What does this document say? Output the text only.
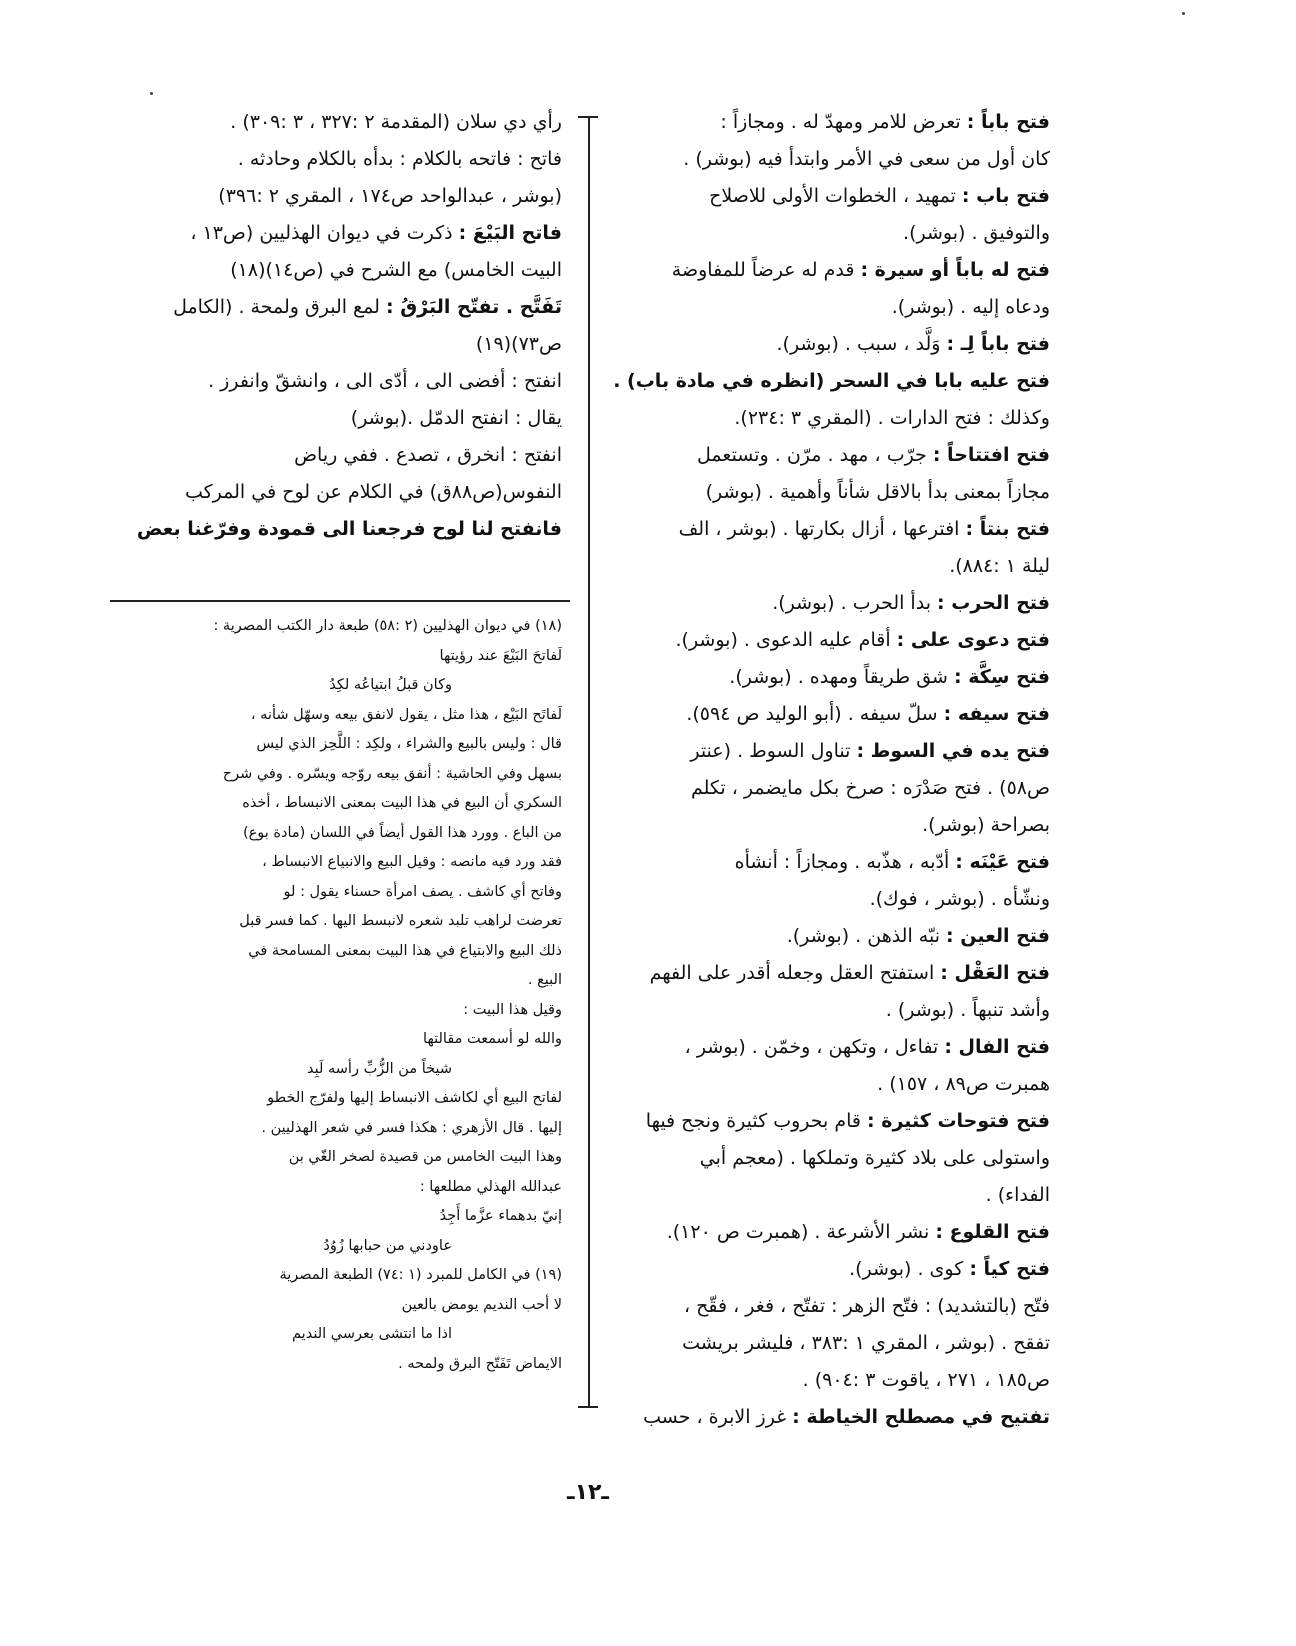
فتح باباً : تعرض للامر ومهدّ له . ومجازاً :

كان أول من سعى في الأمر وابتدأ فيه (بوشر) .

فتح باب : تمهيد ، الخطوات الأولى للاصلاح

والتوفيق . (بوشر).

فتح له باباً أو سيرة : قدم له عرضاً للمفاوضة

ودعاه إليه . (بوشر).

فتح باباً لِـ : وَلَّد ، سبب . (بوشر).

فتح عليه بابا في السحر (انظره في مادة باب) .

وكذلك : فتح الدارات . (المقري ٣ :٢٣٤).

فتح افتتاحاً : جرّب ، مهد . مرّن . وتستعمل

مجازاً بمعنى بدأ بالاقل شأناً وأهمية . (بوشر)

فتح بنتاً : افترعها ، أزال بكارتها . (بوشر ، الف

ليلة ١ :٨٨٤).

فتح الحرب : بدأ الحرب . (بوشر).

فتح دعوى على : أقام عليه الدعوى . (بوشر).

فتح سِكَّة : شق طريقاً ومهده . (بوشر).

فتح سيفه : سلّ سيفه . (أبو الوليد ص ٥٩٤).

فتح يده في السوط : تناول السوط . (عنتر

ص٥٨) . فتح صَدْرَه : صرخ بكل مايضمر ، تكلم

بصراحة (بوشر).

فتح عَيْنَه : أدّبه ، هذّبه . ومجازاً : أنشأه

ونشّأه . (بوشر ، فوك).

فتح العين : نبّه الذهن . (بوشر).

فتح العَقْل : استفتح العقل وجعله أقدر على الفهم

وأشد تنبهاً . (بوشر) .

فتح الفال : تفاءل ، وتكهن ، وخمّن . (بوشر ،

همبرت ص٨٩ ، ١٥٧) .

فتح فتوحات كثيرة : قام بحروب كثيرة ونجح فيها

واستولى على بلاد كثيرة وتملكها . (معجم أبي

الفداء) .

فتح القلوع : نشر الأشرعة . (همبرت ص ١٢٠).

فتح كياً : كوى . (بوشر).

فتّح (بالتشديد) : فتّح الزهر : تفتّح ، فغر ، فقّح ،

تفقح . (بوشر ، المقري ١ :٣٨٣ ، فليشر بريشت

ص١٨٥ ، ٢٧١ ، ياقوت ٣ :٩٠٤) .

تفتيح في مصطلح الخياطة : غرز الابرة ، حسب

رأي دي سلان (المقدمة ٢ :٣٢٧ ، ٣ :٣٠٩) .

فاتح : فاتحه بالكلام : بدأه بالكلام وحادثه .

(بوشر ، عبدالواحد ص١٧٤ ، المقري ٢ :٣٩٦)

فاتح البَيْعَ : ذكرت في ديوان الهذليين (ص١٣ ،

البيت الخامس) مع الشرح في (ص١٤)(١٨)

تَفَتَّح . تفتّح البَرْقُ : لمع البرق ولمحة . (الكامل

ص٧٣)(١٩)

انفتح : أفضى الى ، أدّى الى ، وانشقّ وانفرز .

يقال : انفتح الدمّل .(بوشر)

انفتح : انخرق ، تصدع . ففي رياض

النفوس(ص٨٨ق) في الكلام عن لوح في المركب

فانفتح لنا لوح فرجعنا الى قمودة وفرّغنا بعض

(١٨) في ديوان الهذليين (٢ :٥٨) طبعة دار الكتب المصرية :

لَفاتحَ البَيْعَ عند رؤيتها

وكان قبلُ ابتياعُه لكِدُ

لَفاتَح البَيْع ، هذا مثل ، يقول لانفق بيعه وسهّل شأنه ،

قال : وليس بالبيع والشراء ، ولكِد : اللَّحِز الذي ليس

بسهل وفي الحاشية : أنفق بيعه روّجه ويسّره . وفي شرح

السكري أن البيع في هذا البيت بمعنى الانبساط ، أخذه

من الباع . وورد هذا القول أيضاً في اللسان (مادة بوع)

فقد ورد فيه مانصه : وقيل البيع والانبياع الانبساط ،

وفاتح أي كاشف . يصف امرأة حسناء يقول : لو

تعرضت لراهب تلبد شعره لانبسط اليها . كما فسر قبل

ذلك البيع والابتياع في هذا البيت بمعنى المسامحة في

البيع .

وقيل هذا البيت :

والله لو أسمعت مقالتها

شيخاً من الزُّبِّ رأسه لَبِد

لفاتح البيع أي لكاشف الانبساط إليها ولفرّج الخطو

إليها . قال الأزهري : هكذا فسر في شعر الهذليين .

وهذا البيت الخامس من قصيدة لصخر الغّي بن

عبدالله الهذلي مطلعها :

إنيّ بدهماء عزَّما أَجِدُ

عاودني من حبابها زُوُدُ

(١٩) في الكامل للمبرد (١ :٧٤) الطبعة المصرية

لا أحب النديم يومض بالعين

اذا ما انتشى بعرسي النديم

الايماض تَفَتّح البرق ولمحه .

ـ١٢ـ
